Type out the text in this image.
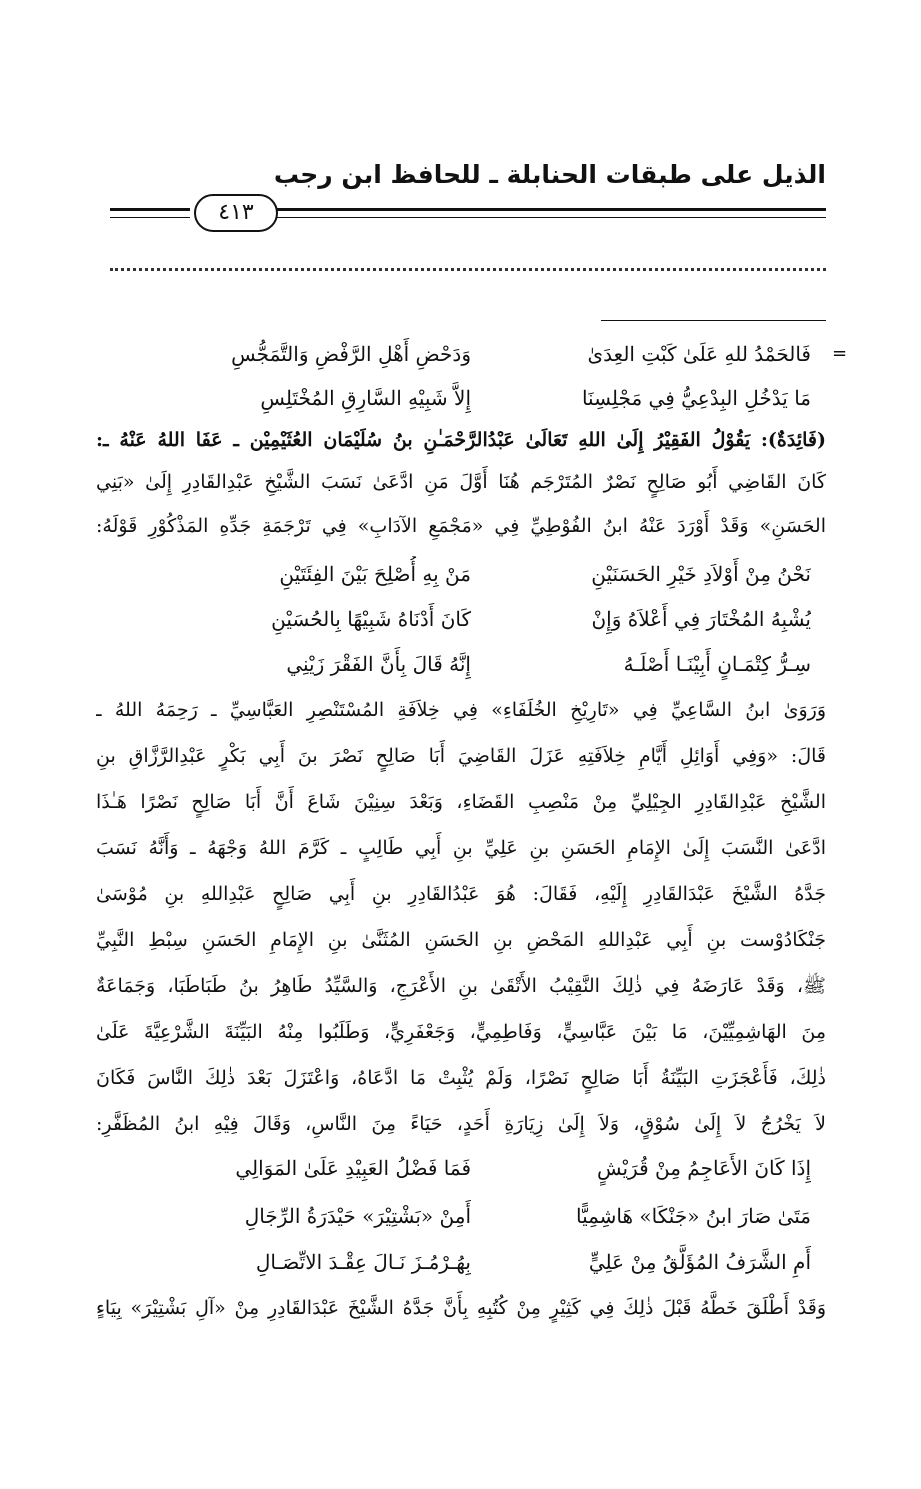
الذيل على طبقات الحنابلة ـ للحافظ ابن رجب
٤١٣
=
فَالحَمْدُ للهِ عَلَىٰ كَبْتِ العِدَىٰ
وَدَحْضِ أَهْلِ الرَّفْضِ وَالتَّمَجُّسِ
مَا يَدْخُلِ البِدْعِيُّ فِي مَجْلِسِنَا
إِلاَّ شَبِيْهِ السَّارِقِ المُخْتَلِسِ
(فَائِدَةٌ): يَقُوْلُ الفَقِيْرُ إِلَىٰ اللهِ تَعَالَىٰ عَبْدُالرَّحْمَـٰنِ بنُ سُلَيْمَان العُثَيْمِيْن ـ عَفَا اللهُ عَنْهُ ـ:
كَانَ القَاضِي أَبُو صَالِحٍ نَصْرٌ المُتَرْجَم هُنَا أَوَّلَ مَنِ ادَّعَىٰ نَسَبَ الشَّيْخِ عَبْدِالقَادِرِ إِلَىٰ «بَنِي
الحَسَنِ» وَقَدْ أَوْرَدَ عَنْهُ ابنُ الفُوْطِيِّ فِي «مَجْمَعِ الآدَابِ» فِي تَرْجَمَةِ جَدِّهِ المَذْكُوْرِ قَوْلَهُ:
نَحْنُ مِنْ أَوْلاَدِ خَيْرِ الحَسَنَيْنِ
مَنْ بِهِ أُصْلِحَ بَيْنَ الفِئَتَيْنِ
يُشْبِهُ المُخْتَارَ فِي أَعْلاَهُ وَإِنْ
كَانَ أَدْنَاهُ شَبِيْهًا بِالحُسَيْنِ
سِـرُّ كِتْمَـانٍ أَبِيْنَـا أَصْلَـهُ
إِنَّهُ قَالَ بِأَنَّ الفَقْرَ زَيْنِي
وَرَوَىٰ ابنُ السَّاعِيِّ فِي «تَارِيْخِ الخُلَفَاءِ» فِي خِلاَفَةِ المُسْتَنْصِرِ العَبَّاسِيِّ ـ رَحِمَهُ اللهُ ـ
قَالَ: «وَفِي أَوَائِلِ أَيَّامِ خِلاَفَتِهِ عَزَلَ القَاضِيَ أَبَا صَالِحٍ نَصْرَ بنَ أَبِي بَكْرٍ عَبْدِالرَّزَّاقِ بنِ
الشَّيْخِ عَبْدِالقَادِرِ الجِيْلِيِّ مِنْ مَنْصِبِ القَضَاءِ، وَبَعْدَ سِنِيْنَ شَاعَ أَنَّ أَبَا صَالِحٍ نَصْرًا هَـٰذَا
ادَّعَىٰ النَّسَبَ إِلَىٰ الإِمَامِ الحَسَنِ بنِ عَلِيِّ بنِ أَبِي طَالِبٍ ـ كَرَّمَ اللهُ وَجْهَهُ ـ وَأَنَّهُ نَسَبَ
جَدَّهُ الشَّيْخَ عَبْدَالقَادِرِ إِلَيْهِ، فَقَالَ: هُوَ عَبْدُالقَادِرِ بنِ أَبِي صَالِحٍ عَبْدِاللهِ بنِ مُوْسَىٰ
جَنْكَادُوْست بنِ أَبِي عَبْدِاللهِ المَحْضِ بنِ الحَسَنِ المُثَنَّىٰ بنِ الإِمَامِ الحَسَنِ سِبْطِ النَّبِيِّ
ﷺ، وَقَدْ عَارَضَهُ فِي ذٰلِكَ النَّقِيْبُ الأَتْقَىٰ بنِ الأَعْرَجِ، وَالسَّيِّدُ طَاهِرُ بنُ طَبَاطَبَا، وَجَمَاعَةٌ
مِنَ الهَاشِمِيِّيْنَ، مَا بَيْنَ عَبَّاسِيٍّ، وَفَاطِمِيٍّ، وَجَعْفَرِيٍّ، وَطَلَبُوا مِنْهُ البَيِّنَةَ الشَّرْعِيَّةَ عَلَىٰ
ذٰلِكَ، فَأَعْجَزَتِ البَيِّنَةُ أَبَا صَالِحٍ نَصْرًا، وَلَمْ يُثْبِتْ مَا ادَّعَاهُ، وَاعْتَزَلَ بَعْدَ ذٰلِكَ النَّاسَ فَكَانَ
لاَ يَخْرُجُ لاَ إِلَىٰ سُوْقٍ، وَلاَ إِلَىٰ زِيَارَةِ أَحَدٍ، حَيَاءً مِنَ النَّاسِ، وَقَالَ فِيْهِ ابنُ المُظَفَّرِ:
إِذَا كَانَ الأَعَاجِمُ مِنْ قُرَيْشٍ
فَمَا فَضْلُ العَبِيْدِ عَلَىٰ المَوَالِي
مَتَىٰ صَارَ ابنُ «جَنْكَا» هَاشِمِيًّا
أَمِنْ «بَشْتِيْرَ» حَيْدَرَةُ الرِّجَالِ
أَمِ الشَّرَفُ المُؤَلَّقُ مِنْ عَلِيٍّ
بِهُـرْمُـزَ نَـالَ عِقْـدَ الاتِّصَـالِ
وَقَدْ أَطْلَقَ خَطَّهُ قَبْلَ ذٰلِكَ فِي كَثِيْرٍ مِنْ كُتُبِهِ بِأَنَّ جَدَّهُ الشَّيْخَ عَبْدَالقَادِرِ مِنْ «آلِ بَشْتِيْرَ» بِيَاءٍ
